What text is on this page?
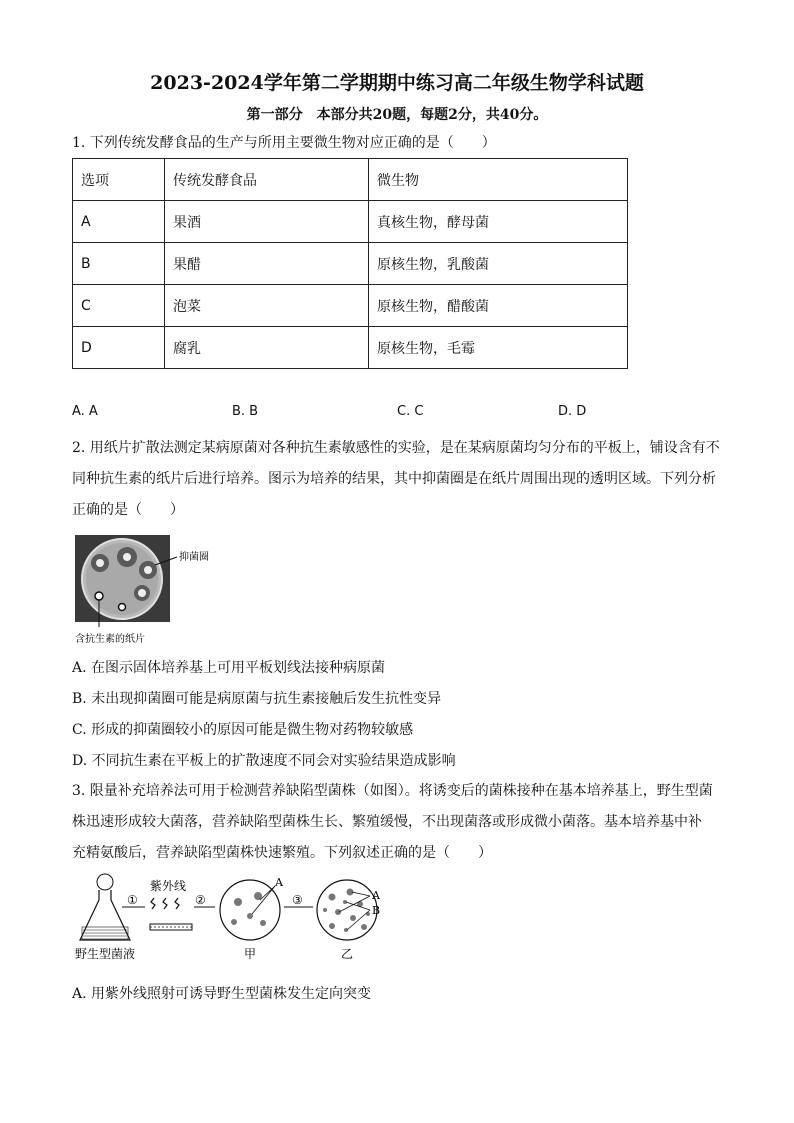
2023-2024学年第二学期期中练习高二年级生物学科试题
第一部分　本部分共20题，每题2分，共40分。
1. 下列传统发酵食品的生产与所用主要微生物对应正确的是（　　）
选项	传统发酵食品	微生物
A	果酒	真核生物，酵母菌
B	果醋	原核生物，乳酸菌
C	泡菜	原核生物，醋酸菌
D	腐乳	原核生物，毛霉
A. A	B. B	C. C	D. D
2. 用纸片扩散法测定某病原菌对各种抗生素敏感性的实验，是在某病原菌均匀分布的平板上，铺设含有不
同种抗生素的纸片后进行培养。图示为培养的结果，其中抑菌圈是在纸片周围出现的透明区域。下列分析
正确的是（　　）
抑菌圈
含抗生素的纸片
A. 在图示固体培养基上可用平板划线法接种病原菌
B. 未出现抑菌圈可能是病原菌与抗生素接触后发生抗性变异
C. 形成的抑菌圈较小的原因可能是微生物对药物较敏感
D. 不同抗生素在平板上的扩散速度不同会对实验结果造成影响
3. 限量补充培养法可用于检测营养缺陷型菌株（如图）。将诱变后的菌株接种在基本培养基上，野生型菌
株迅速形成较大菌落，营养缺陷型菌株生长、繁殖缓慢，不出现菌落或形成微小菌落。基本培养基中补
充精氨酸后，营养缺陷型菌株快速繁殖。下列叙述正确的是（　　）
野生型菌液
①
紫外线
②
A
甲
③	A
B
乙
A. 用紫外线照射可诱导野生型菌株发生定向突变
